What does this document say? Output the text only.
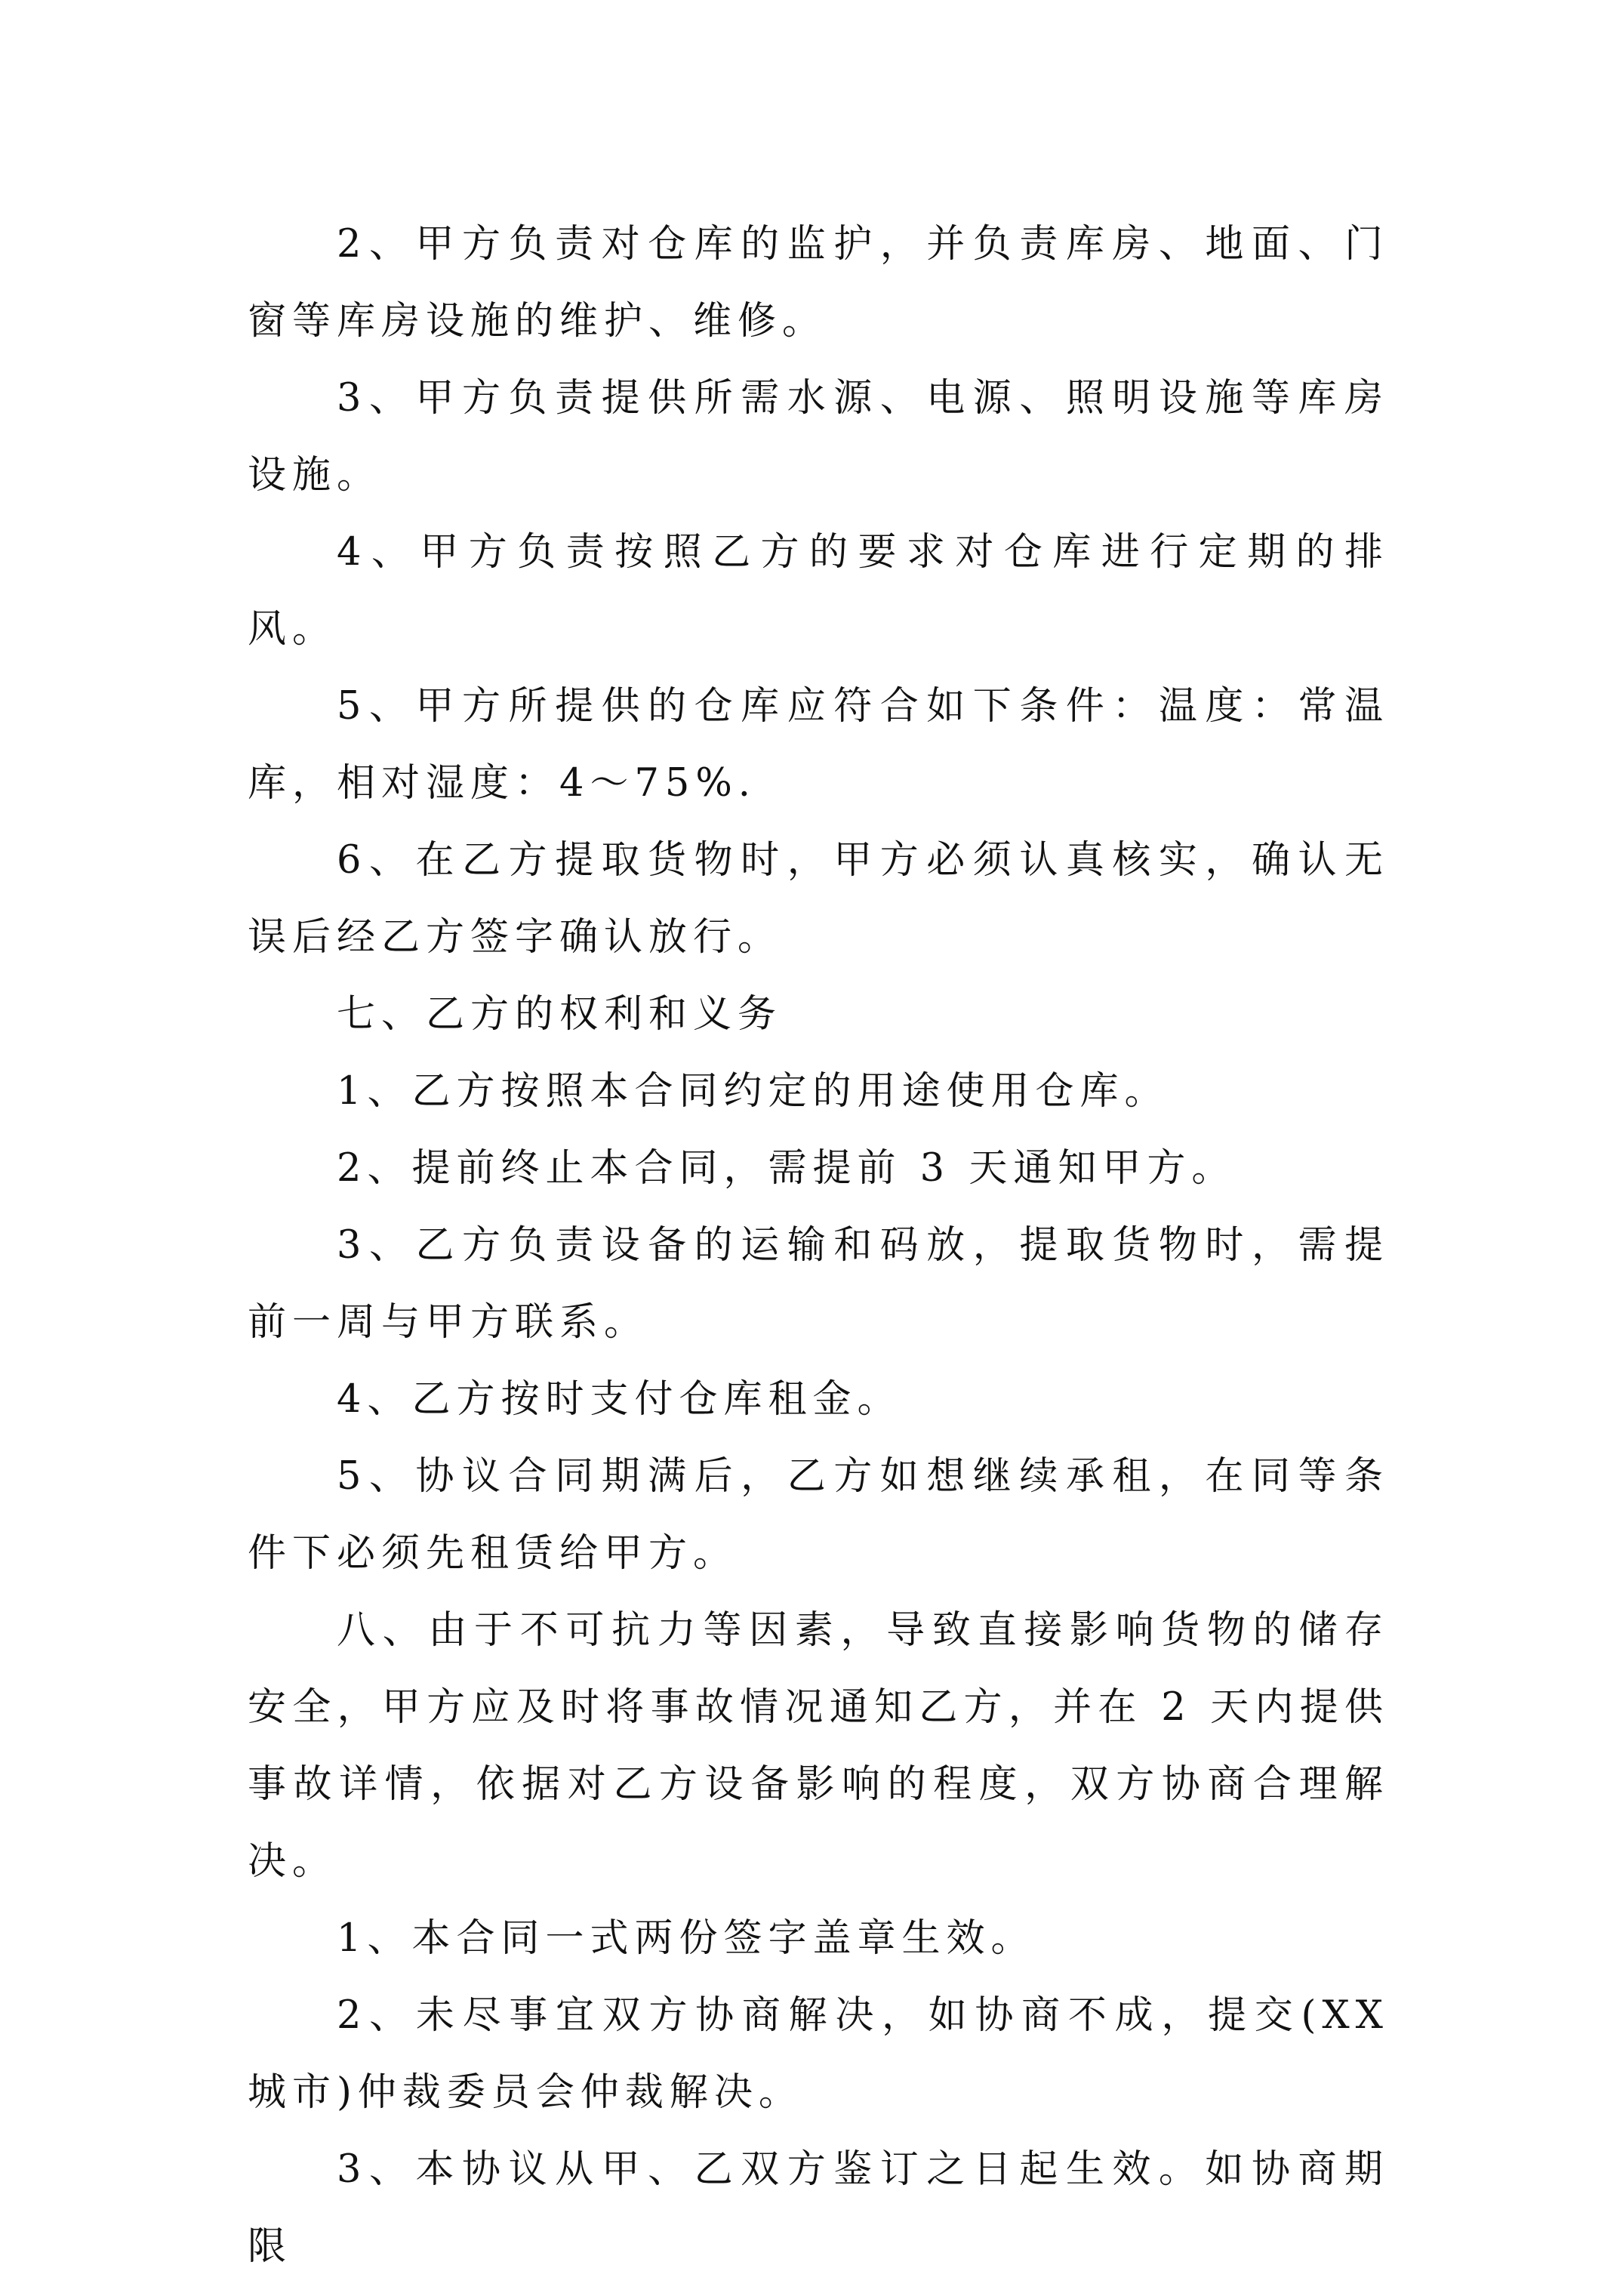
2、甲方负责对仓库的监护，并负责库房、地面、门窗等库房设施的维护、维修。

3、甲方负责提供所需水源、电源、照明设施等库房设施。

4、甲方负责按照乙方的要求对仓库进行定期的排风。

5、甲方所提供的仓库应符合如下条件：温度：常温库，相对湿度：4～75%.

6、在乙方提取货物时，甲方必须认真核实，确认无误后经乙方签字确认放行。

七、乙方的权利和义务

1、乙方按照本合同约定的用途使用仓库。

2、提前终止本合同，需提前 3 天通知甲方。

3、乙方负责设备的运输和码放，提取货物时，需提前一周与甲方联系。

4、乙方按时支付仓库租金。

5、协议合同期满后，乙方如想继续承租，在同等条件下必须先租赁给甲方。

八、由于不可抗力等因素，导致直接影响货物的储存安全，甲方应及时将事故情况通知乙方，并在 2 天内提供事故详情，依据对乙方设备影响的程度，双方协商合理解决。

1、本合同一式两份签字盖章生效。

2、未尽事宜双方协商解决，如协商不成，提交(XX 城市)仲裁委员会仲裁解决。

3、本协议从甲、乙双方鉴订之日起生效。如协商期限
